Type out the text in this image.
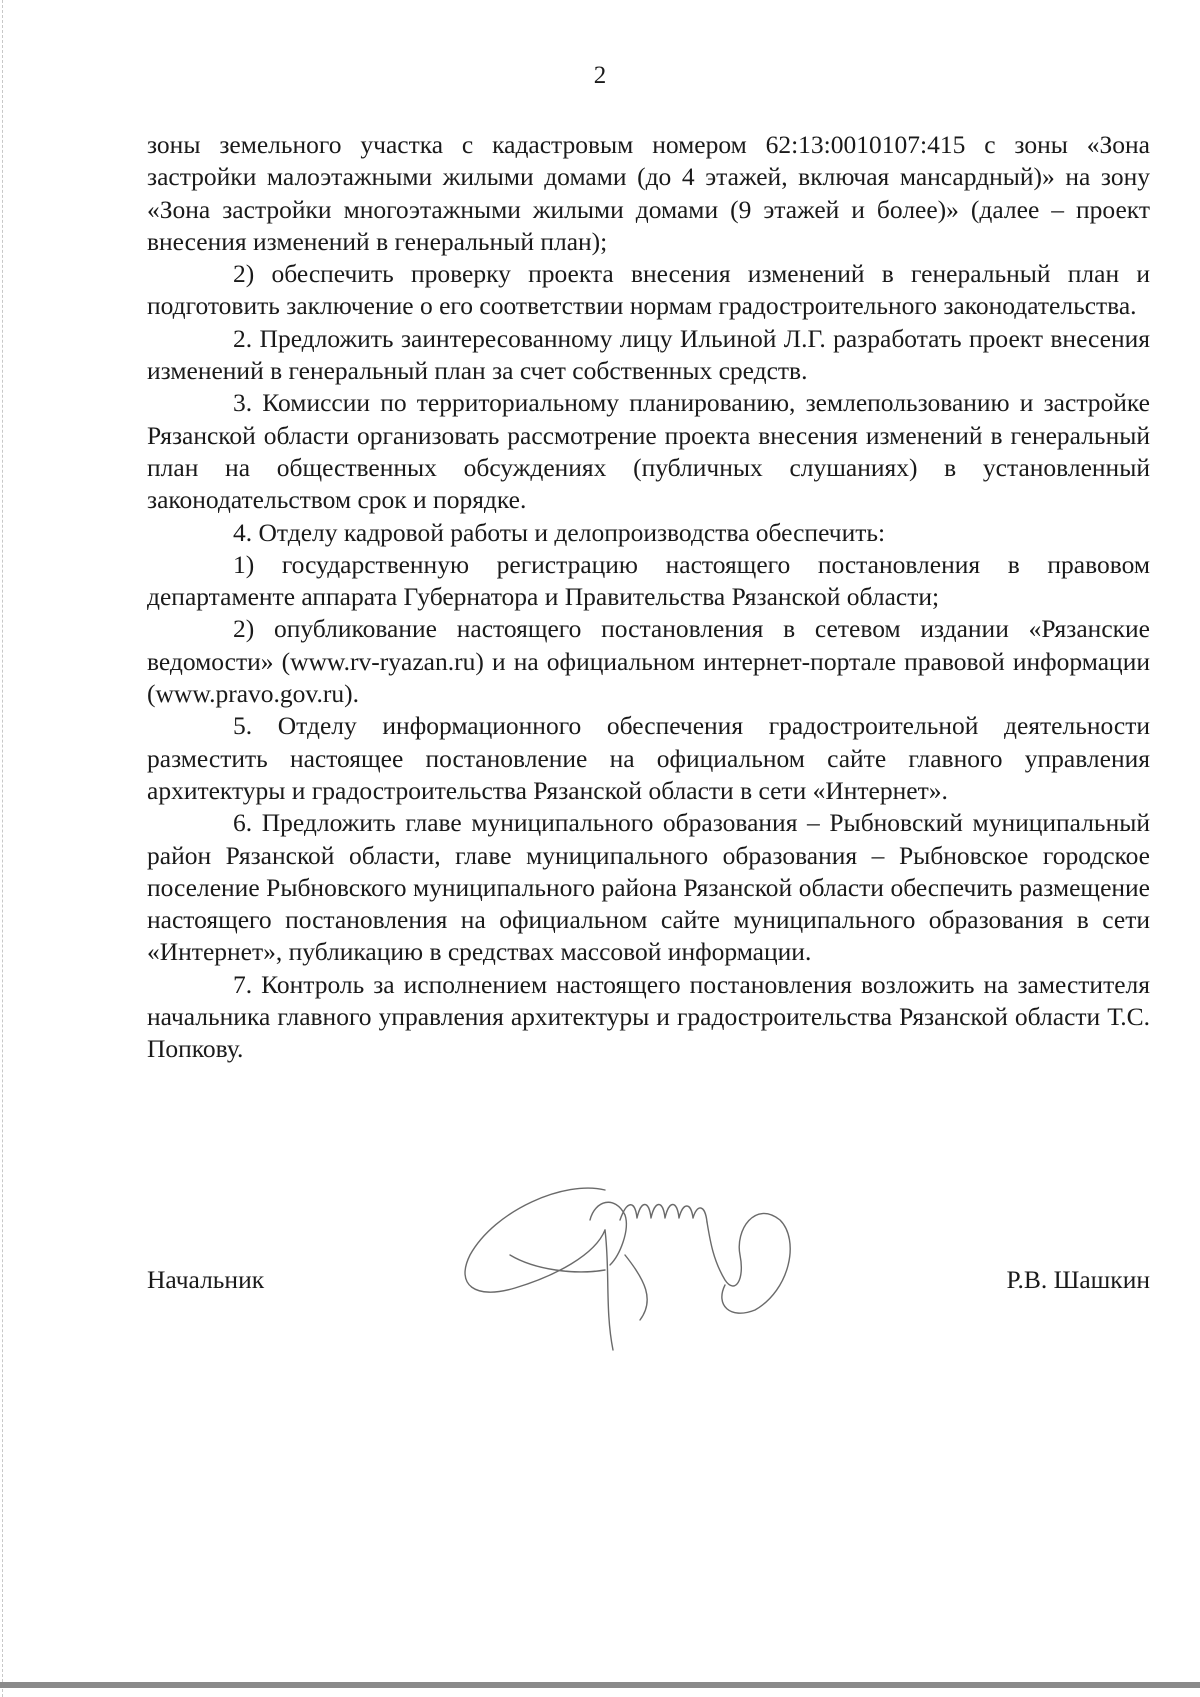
2

зоны земельного участка с кадастровым номером 62:13:0010107:415 с зоны «Зона застройки малоэтажными жилыми домами (до 4 этажей, включая мансардный)» на зону «Зона застройки многоэтажными жилыми домами (9 этажей и более)» (далее – проект внесения изменений в генеральный план);

2) обеспечить проверку проекта внесения изменений в генеральный план и подготовить заключение о его соответствии нормам градостроительного законодательства.

2. Предложить заинтересованному лицу Ильиной Л.Г. разработать проект внесения изменений в генеральный план за счет собственных средств.

3. Комиссии по территориальному планированию, землепользованию и застройке Рязанской области организовать рассмотрение проекта внесения изменений в генеральный план на общественных обсуждениях (публичных слушаниях) в установленный законодательством срок и порядке.

4. Отделу кадровой работы и делопроизводства обеспечить:

1) государственную регистрацию настоящего постановления в правовом департаменте аппарата Губернатора и Правительства Рязанской области;

2) опубликование настоящего постановления в сетевом издании «Рязанские ведомости» (www.rv-ryazan.ru) и на официальном интернет-портале правовой информации (www.pravo.gov.ru).

5. Отделу информационного обеспечения градостроительной деятельности разместить настоящее постановление на официальном сайте главного управления архитектуры и градостроительства Рязанской области в сети «Интернет».

6. Предложить главе муниципального образования – Рыбновский муниципальный район Рязанской области, главе муниципального образования – Рыбновское городское поселение Рыбновского муниципального района Рязанской области обеспечить размещение настоящего постановления на официальном сайте муниципального образования в сети «Интернет», публикацию в средствах массовой информации.

7. Контроль за исполнением настоящего постановления возложить на заместителя начальника главного управления архитектуры и градостроительства Рязанской области Т.С. Попкову.

Начальник	Р.В. Шашкин
